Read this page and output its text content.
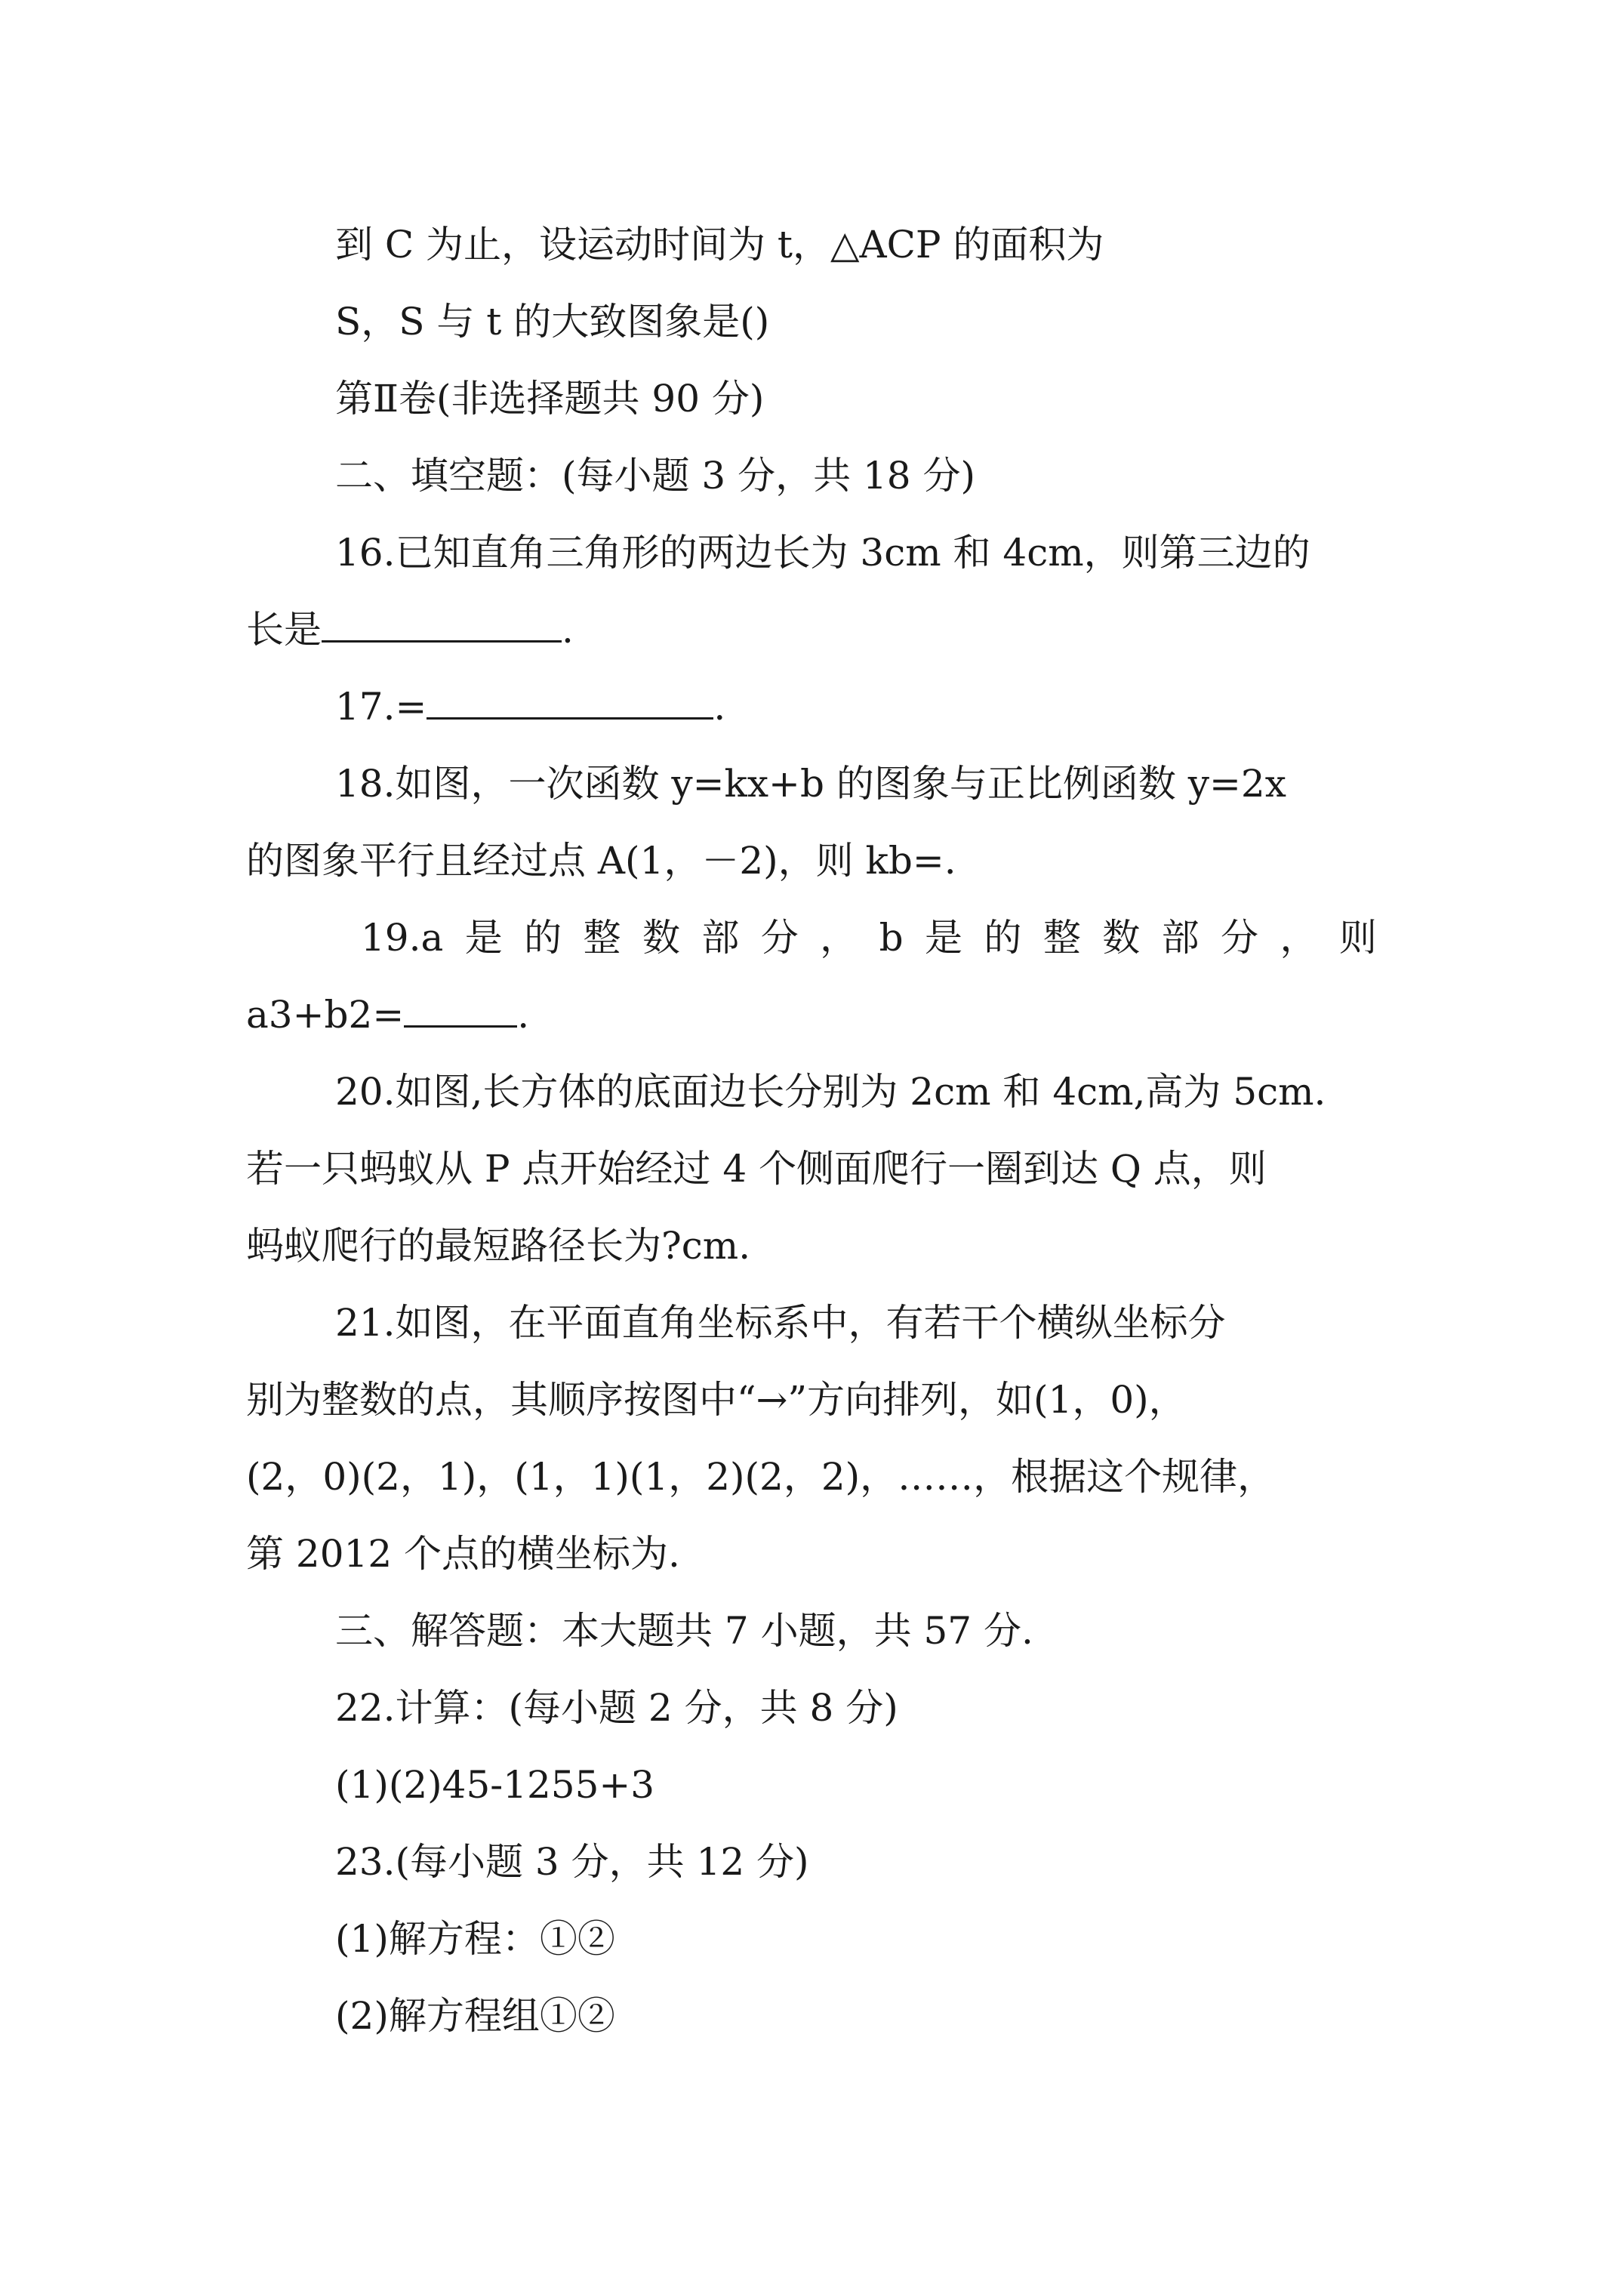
到 C 为止，设运动时间为 t，△ACP 的面积为
S，S 与 t 的大致图象是()
第Ⅱ卷(非选择题共 90 分)
二、填空题：(每小题 3 分，共 18 分)
16.已知直角三角形的两边长为 3cm 和 4cm，则第三边的
长是	.
17.=	.
18.如图，一次函数 y=kx+b 的图象与正比例函数 y=2x
的图象平行且经过点 A(1，－2)，则 kb=.
19.a 是 的 整 数 部 分 ， b 是 的 整 数 部 分 ， 则
a3+b2=	.
20.如图,长方体的底面边长分别为 2cm 和 4cm,高为 5cm.
若一只蚂蚁从 P 点开始经过 4 个侧面爬行一圈到达 Q 点，则
蚂蚁爬行的最短路径长为?cm.
21.如图，在平面直角坐标系中，有若干个横纵坐标分
别为整数的点，其顺序按图中“→”方向排列，如(1，0)，
(2，0)(2，1)，(1，1)(1，2)(2，2)，……，根据这个规律，
第 2012 个点的横坐标为.
三、解答题：本大题共 7 小题，共 57 分.
22.计算：(每小题 2 分，共 8 分)
(1)(2)45-1255+3
23.(每小题 3 分，共 12 分)
(1)解方程：①②
(2)解方程组①②
